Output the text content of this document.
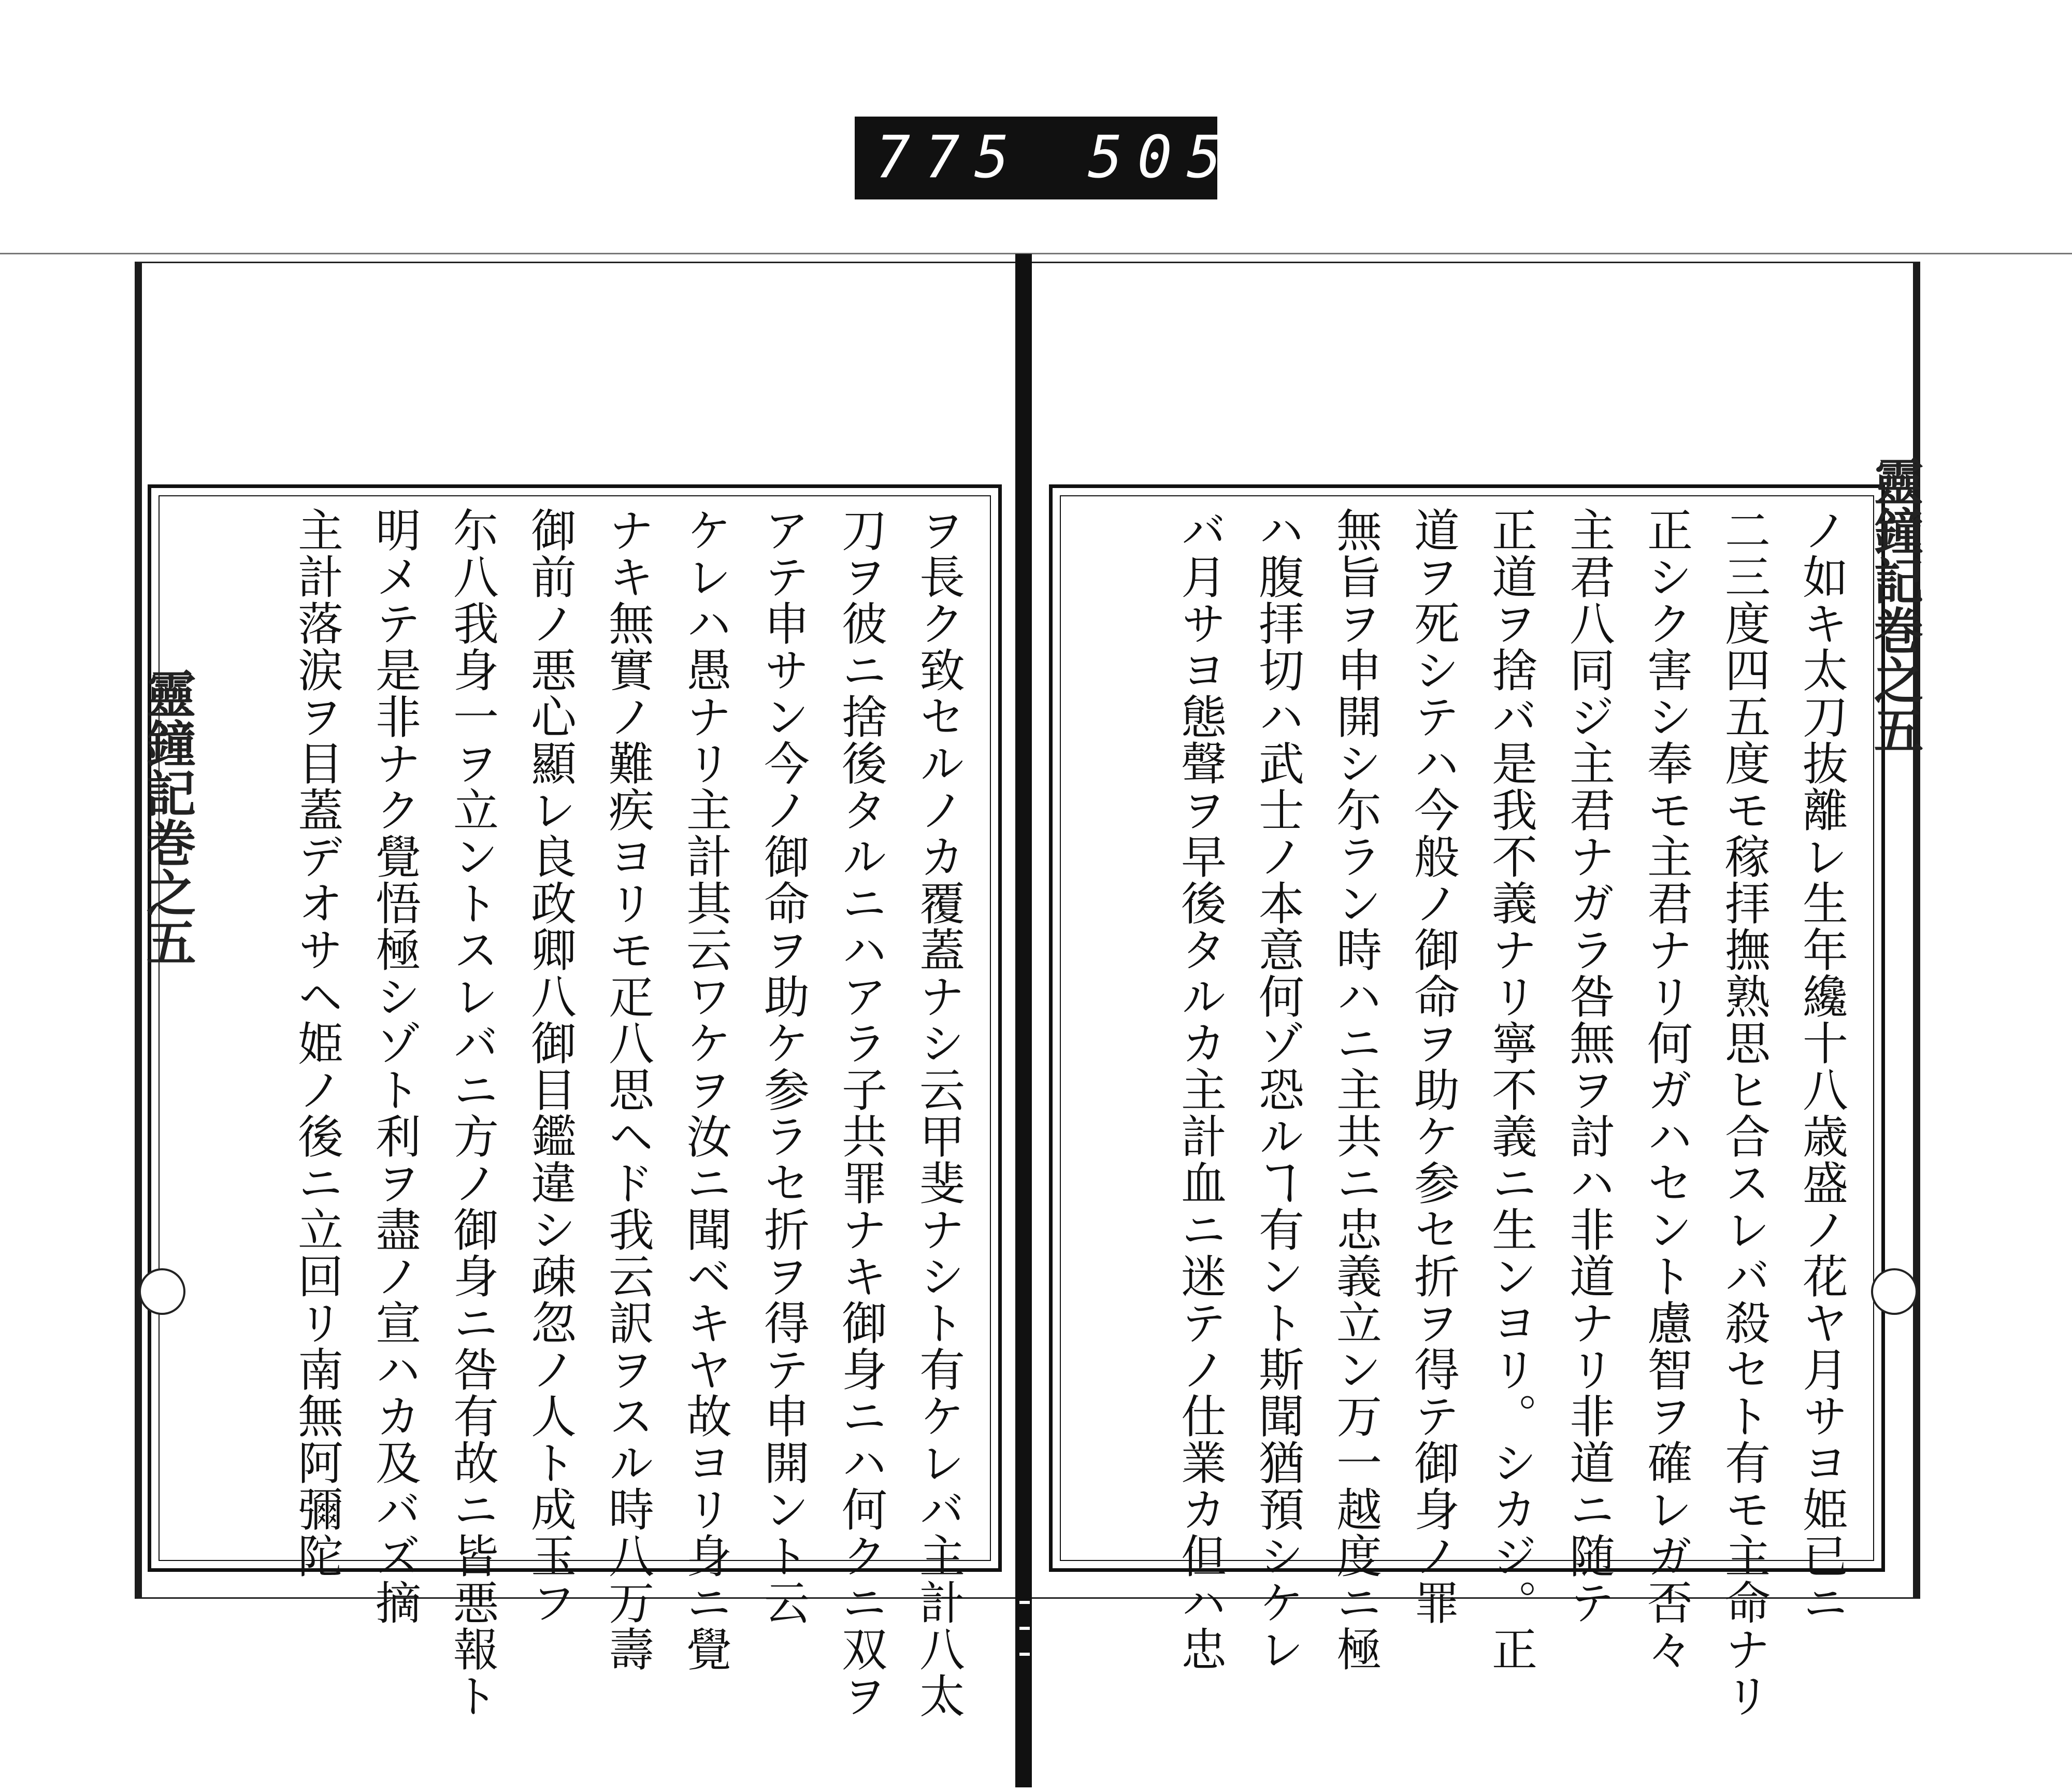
775 505
ヲ長ク致セルノカ覆蓋ナシ云甲斐ナシト有ケレバ主計八太
刀ヲ彼ニ捨後タルニハアラ子共罪ナキ御身ニハ何クニ双ヲ
アテ申サン今ノ御命ヲ助ケ参ラセ折ヲ得テ申開ント云
ケレハ愚ナリ主計其云ワケヲ汝ニ聞ベキヤ故ヨリ身ニ覺
ナキ無實ノ難疾ヨリモ疋八思ヘド我云訳ヲスル時八万壽
御前ノ悪心顯レ良政卿八御目鑑違シ疎忽ノ人ト成玉フ
尓八我身一ヲ立ントスレバニ方ノ御身ニ咎有故ニ皆悪報ト
明メテ是非ナク覺悟極シゾト利ヲ盡ノ宣ハカ及バズ摘
主計落涙ヲ目蓋デオサヘ姫ノ後ニ立回リ南無阿彌陀	ノ如キ太刀抜離レ生年纔十八歳盛ノ花ヤ月サヨ姫已ニ
二三度四五度モ稼拝撫熟思ヒ合スレバ殺セト有モ主命ナリ
正シク害シ奉モ主君ナリ何ガハセント慮智ヲ確レガ否々
主君八同ジ主君ナガラ咎無ヲ討ハ非道ナリ非道ニ随テ
正道ヲ捨バ是我不義ナリ寧不義ニ生ンヨリ。シカジ。正
道ヲ死シテハ今般ノ御命ヲ助ケ参セ折ヲ得テ御身ノ罪
無旨ヲ申開シ尓ラン時ハニ主共ニ忠義立ン万一越度ニ極
ハ腹拝切ハ武士ノ本意何ゾ恐ルヿ有ント斯聞猶預シケレ
バ月サヨ態聲ヲ早後タルカ主計血ニ迷テノ仕業カ但ハ忠
靈鐘記巻之五
靈鐘記巻之五
